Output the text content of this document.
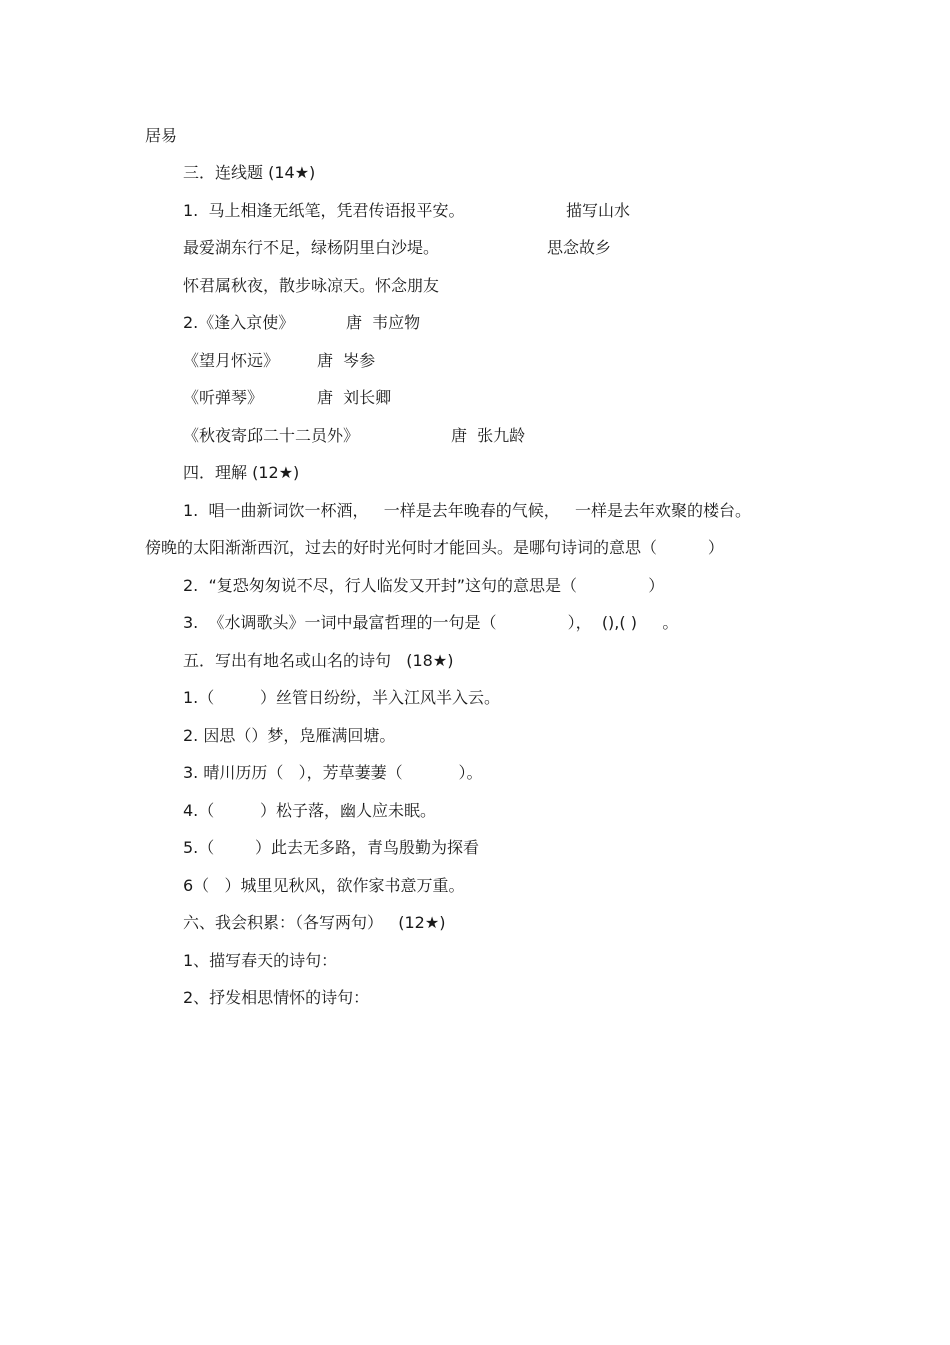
居易
三．连线题 (14★)
1.  马上相逢无纸笔，凭君传语报平安。	描写山水
最爱湖东行不足，绿杨阴里白沙堤。	思念故乡
怀君属秋夜，散步咏凉天。怀念朋友
2.《逢入京使》	唐  韦应物
《望月怀远》 唐  岑参
《听弹琴》	唐  刘长卿
《秋夜寄邱二十二员外》	唐  张九龄
四．理解 (12★)
1.  唱一曲新词饮一杯酒，   一样是去年晚春的气候，   一样是去年欢聚的楼台。
傍晚的太阳渐渐西沉，过去的好时光何时才能回头。是哪句诗词的意思（          ）
2.  “复恐匆匆说不尽，行人临发又开封”这句的意思是（              ）
3.  《水调歌头》一词中最富哲理的一句是（              ），  (),( )     。
五．写出有地名或山名的诗句   (18★)
1.（         ）丝管日纷纷，半入江风半入云。
2. 因思（）梦，凫雁满回塘。
3. 晴川历历（   ），芳草萋萋（           ）。
4.（         ）松子落，幽人应未眠。
5.（        ）此去无多路，青鸟殷勤为探看
6（   ）城里见秋风，欲作家书意万重。
六、我会积累：（各写两句）   (12★)
1、描写春天的诗句：
2、抒发相思情怀的诗句：
